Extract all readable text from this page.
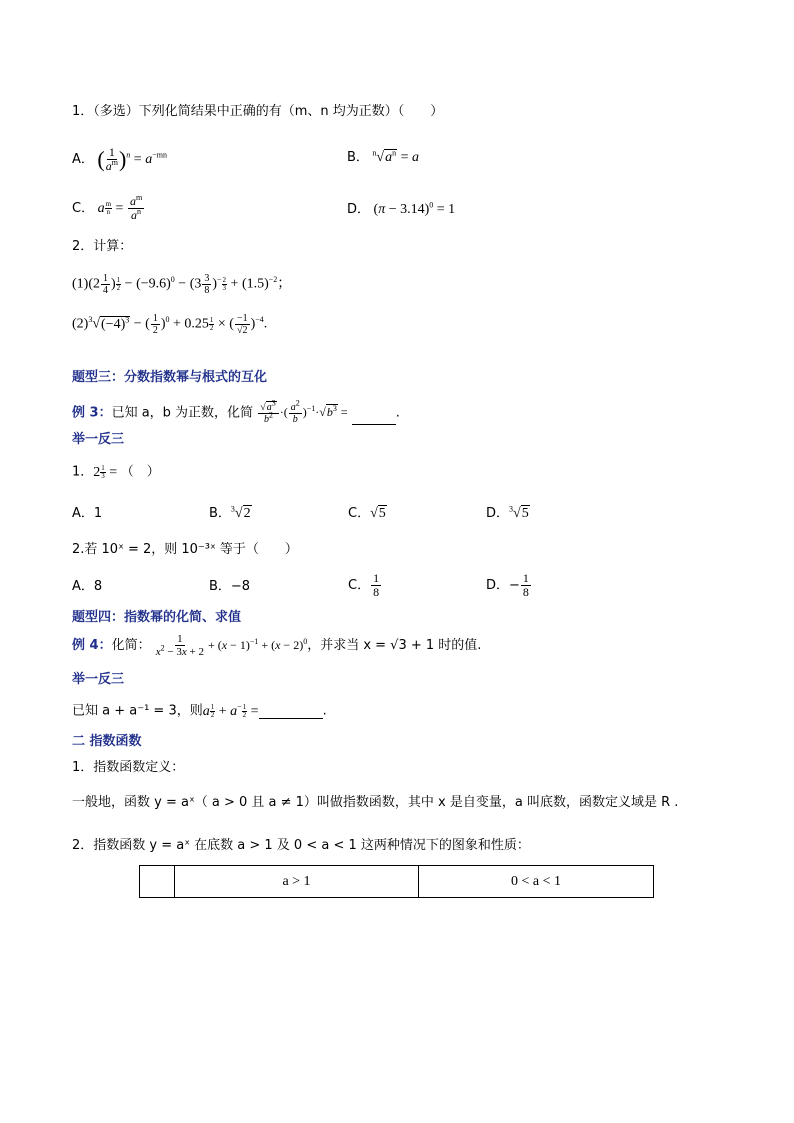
1．（多选）下列化简结果中正确的有（m、n 均为正数）（　　）
A． ( $\frac{1}{a^m} )^n = a^{-mn}$	B． $^n√a^n = a$
C． a $\frac{m}{n} = \frac{a^m}{a^n}$	D． $(\pi - 3.14)^0 = 1$
2．计算：
$(1)(2 \frac{1}{4}$ ) $\frac{1}{2} - (-9.6)^0 - (3 \frac{3}{8} )^- \frac{2}{3} + (1.5)^{-2}$；
$(2)^3√(-4)^3$ − ( $\frac{1}{2} )^0 + 0.25 \frac{1}{2}$ × ( $\frac{-1}{√2} )^{-4}$.
题型三：分数指数幂与根式的互化
例 3：已知 a，b 为正数，化简 $\frac{√a^3}{b^2}$ ·( $\frac{a^2}{b} )^{-1}\cdot√b^3$ =	.
举一反三
1．$2 \frac{1}{3}$ = （　）
A．1	B．$^3$√2	C．√5	D．$^3$√5
2.若 10ˣ = 2，则 10⁻³ˣ 等于（　　）
A．8	B．−8	C． $\frac{1}{8}$	D．− $\frac{1}{8}$
题型四：指数幂的化简、求值
例 4：化简： $\frac{1}{x^2 - 3x + 2} + (x - 1)^{-1} + (x - 2)^0$，并求当 x = √3 + 1 时的值.
举一反三
已知 a + a⁻¹ = 3，则a $\frac{1}{2} + a^- \frac{1}{2}$ =	.
二 指数函数
1．指数函数定义：
一般地，函数 y = aˣ（ a > 0 且 a ≠ 1）叫做指数函数，其中 x 是自变量，a 叫底数，函数定义域是 R .
2．指数函数 y = aˣ 在底数 a > 1 及 0 < a < 1 这两种情况下的图象和性质：
	a > 1	0 < a < 1
